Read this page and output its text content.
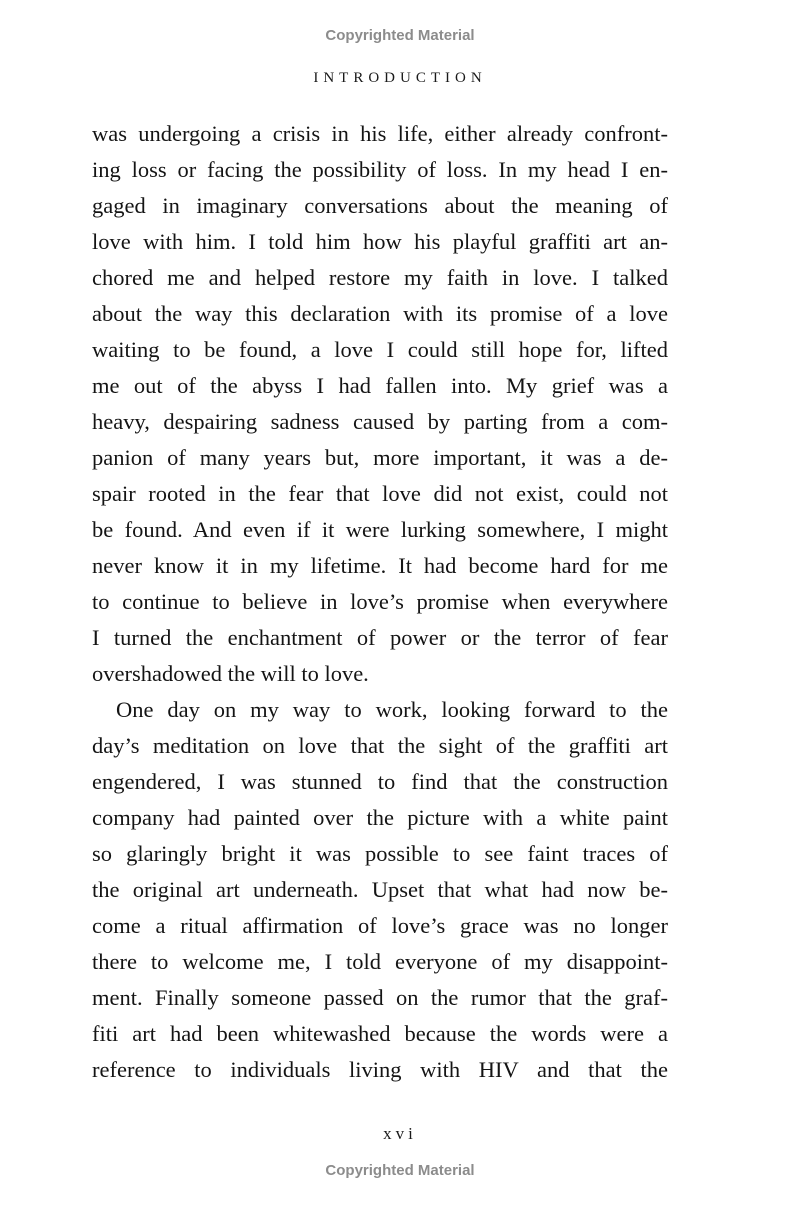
Copyrighted Material
INTRODUCTION
was undergoing a crisis in his life, either already confront-
ing loss or facing the possibility of loss. In my head I en-
gaged in imaginary conversations about the meaning of
love with him. I told him how his playful graffiti art an-
chored me and helped restore my faith in love. I talked
about the way this declaration with its promise of a love
waiting to be found, a love I could still hope for, lifted
me out of the abyss I had fallen into. My grief was a
heavy, despairing sadness caused by parting from a com-
panion of many years but, more important, it was a de-
spair rooted in the fear that love did not exist, could not
be found. And even if it were lurking somewhere, I might
never know it in my lifetime. It had become hard for me
to continue to believe in love’s promise when everywhere
I turned the enchantment of power or the terror of fear
overshadowed the will to love.
One day on my way to work, looking forward to the
day’s meditation on love that the sight of the graffiti art
engendered, I was stunned to find that the construction
company had painted over the picture with a white paint
so glaringly bright it was possible to see faint traces of
the original art underneath. Upset that what had now be-
come a ritual affirmation of love’s grace was no longer
there to welcome me, I told everyone of my disappoint-
ment. Finally someone passed on the rumor that the graf-
fiti art had been whitewashed because the words were a
reference to individuals living with HIV and that the
xvi
Copyrighted Material
